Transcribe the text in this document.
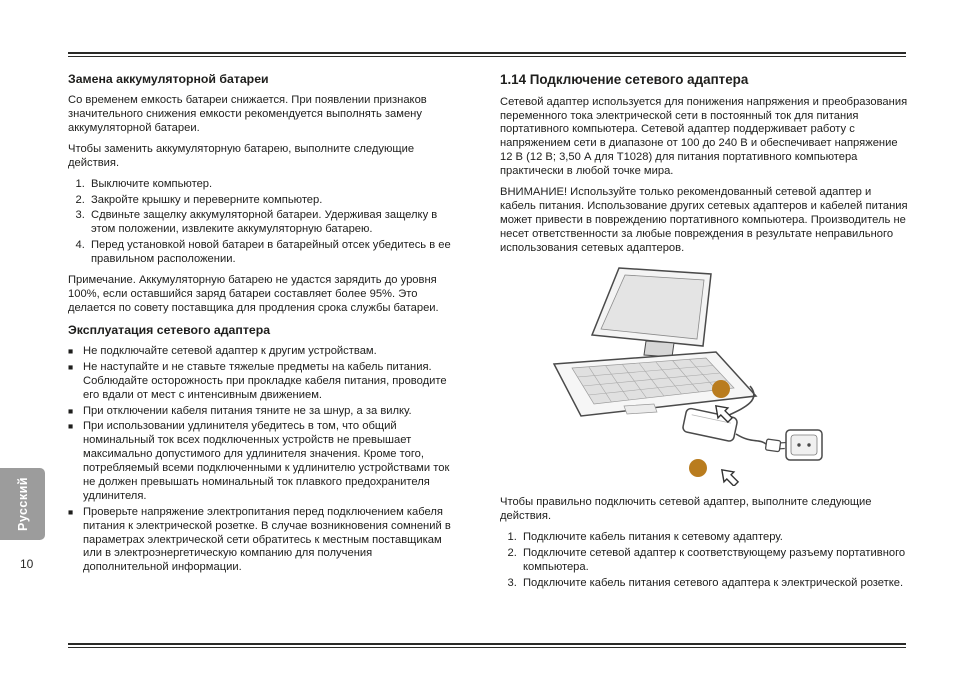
Замена аккумуляторной батареи

Со временем емкость батареи снижается. При появлении признаков значительного снижения емкости рекомендуется выполнять замену аккумуляторной батареи.

Чтобы заменить аккумуляторную батарею, выполните следующие действия.

1. Выключите компьютер.
2. Закройте крышку и переверните компьютер.
3. Сдвиньте защелку аккумуляторной батареи. Удерживая защелку в этом положении, извлеките аккумуляторную батарею.
4. Перед установкой новой батареи в батарейный отсек убедитесь в ее правильном расположении.

Примечание. Аккумуляторную батарею не удастся зарядить до уровня 100%, если оставшийся заряд батареи составляет более 95%. Это делается по совету поставщика для продления срока службы батареи.

Эксплуатация сетевого адаптера
■ Не подключайте сетевой адаптер к другим устройствам.
■ Не наступайте и не ставьте тяжелые предметы на кабель питания. Соблюдайте осторожность при прокладке кабеля питания, проводите его вдали от мест с интенсивным движением.
■ При отключении кабеля питания тяните не за шнур, а за вилку.
■ При использовании удлинителя убедитесь в том, что общий номинальный ток всех подключенных устройств не превышает максимально допустимого для удлинителя значения. Кроме того, потребляемый всеми подключенными к удлинителю устройствами ток не должен превышать номинальный ток плавкого предохранителя удлинителя.
■ Проверьте напряжение электропитания перед подключением кабеля питания к электрической розетке. В случае возникновения сомнений в параметрах электрической сети обратитесь к местным поставщикам или в электроэнергетическую компанию для получения дополнительной информации.
1.14 Подключение сетевого адаптера

Сетевой адаптер используется для понижения напряжения и преобразования переменного тока электрической сети в постоянный ток для питания портативного компьютера. Сетевой адаптер поддерживает работу с напряжением сети в диапазоне от 100 до 240 В и обеспечивает напряжение 12 В (12 В; 3,50 А для T1028) для питания портативного компьютера практически в любой точке мира.

ВНИМАНИЕ! Используйте только рекомендованный сетевой адаптер и кабель питания. Использование других сетевых адаптеров и кабелей питания может привести в повреждению портативного компьютера. Производитель не несет ответственности за любые повреждения в результате неправильного использования сетевых адаптеров.

Чтобы правильно подключить сетевой адаптер, выполните следующие действия.

1. Подключите кабель питания к сетевому адаптеру.
2. Подключите сетевой адаптер к соответствующему разъему портативного компьютера.
3. Подключите кабель питания сетевого адаптера к электрической розетке.
Русский
10
